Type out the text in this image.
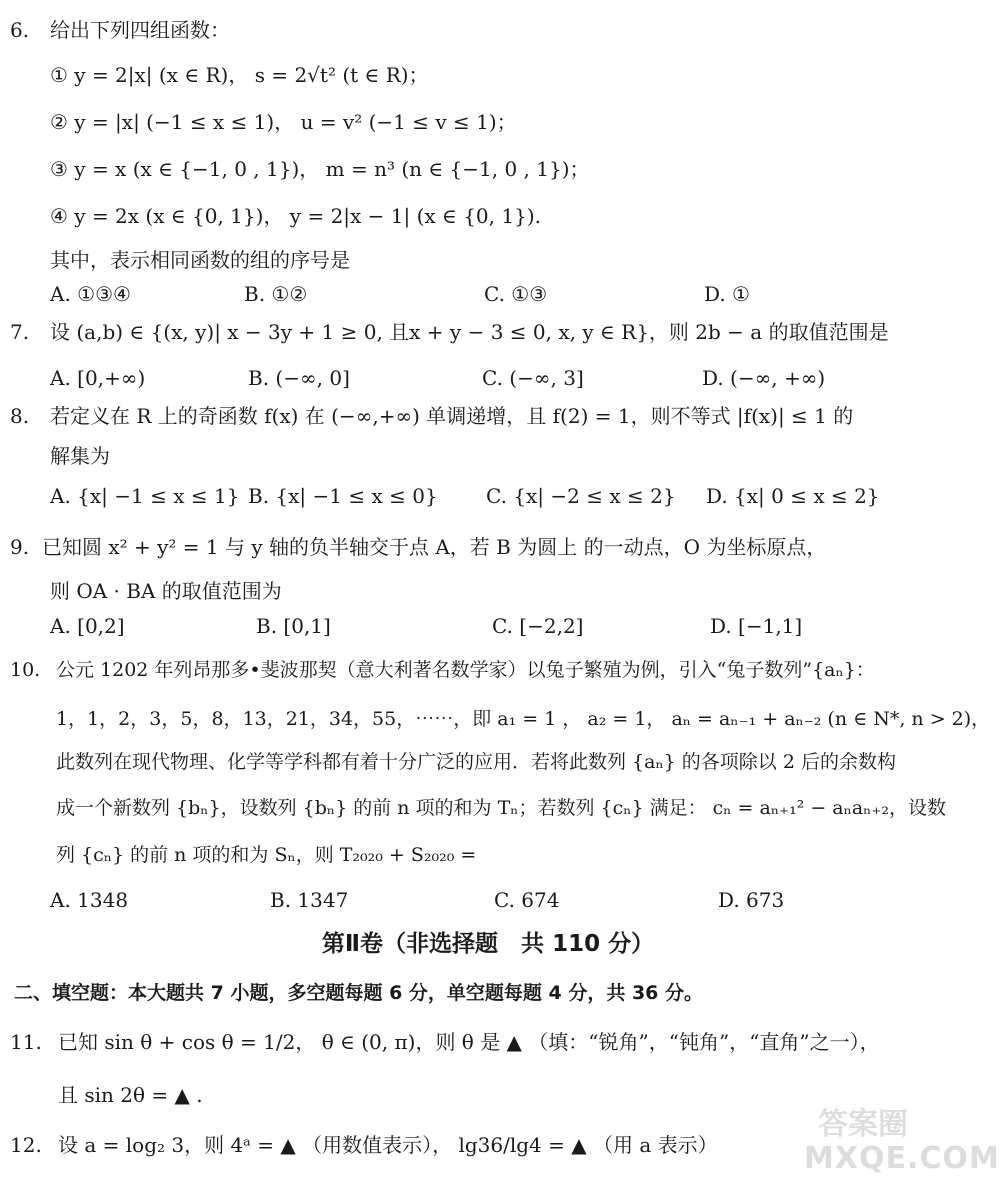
6. 给出下列四组函数：
① y = 2|x| (x ∈ R)， s = 2√t² (t ∈ R)；
② y = |x| (−1 ≤ x ≤ 1)， u = v² (−1 ≤ v ≤ 1)；
③ y = x (x ∈ {−1, 0 , 1})， m = n³ (n ∈ {−1, 0 , 1})；
④ y = 2x (x ∈ {0, 1})， y = 2|x − 1| (x ∈ {0, 1}).
其中，表示相同函数的组的序号是
A. ①③④	B. ①②	C. ①③	D. ①
7. 设 (a,b) ∈ {(x, y)| x − 3y + 1 ≥ 0, 且x + y − 3 ≤ 0, x, y ∈ R}，则 2b − a 的取值范围是
A. [0,+∞)	B. (−∞, 0]	C. (−∞, 3]	D. (−∞, +∞)
8. 若定义在 R 上的奇函数 f(x) 在 (−∞,+∞) 单调递增，且 f(2) = 1，则不等式 |f(x)| ≤ 1 的
解集为
A. {x| −1 ≤ x ≤ 1} B. {x| −1 ≤ x ≤ 0} C. {x| −2 ≤ x ≤ 2} D. {x| 0 ≤ x ≤ 2}
9. 已知圆 x² + y² = 1 与 y 轴的负半轴交于点 A，若 B 为圆上 的一动点，O 为坐标原点，
则 OA · BA 的取值范围为
A. [0,2]	B. [0,1]	C. [−2,2]	D. [−1,1]
10. 公元 1202 年列昂那多•斐波那契（意大利著名数学家）以兔子繁殖为例，引入“兔子数列”{aₙ}：
1，1，2，3，5，8，13，21，34，55，⋯⋯，即 a₁ = 1 ， a₂ = 1， aₙ = aₙ₋₁ + aₙ₋₂ (n ∈ N*, n > 2)，
此数列在现代物理、化学等学科都有着十分广泛的应用．若将此数列 {aₙ} 的各项除以 2 后的余数构
成一个新数列 {bₙ}，设数列 {bₙ} 的前 n 项的和为 Tₙ；若数列 {cₙ} 满足： cₙ = aₙ₊₁² − aₙaₙ₊₂，设数
列 {cₙ} 的前 n 项的和为 Sₙ，则 T₂₀₂₀ + S₂₀₂₀ =
A. 1348	B. 1347	C. 674	D. 673
第Ⅱ卷（非选择题　共 110 分）
二、填空题：本大题共 7 小题，多空题每题 6 分，单空题每题 4 分，共 36 分。
11. 已知 sin θ + cos θ = 1/2， θ ∈ (0, π)，则 θ 是 ▲ （填：“锐角”，“钝角”，“直角”之一），
且 sin 2θ = ▲ .
12. 设 a = log₂ 3，则 4ᵃ = ▲ （用数值表示）， lg36/lg4 = ▲ （用 a 表示）
答案圈
MXQE.COM
